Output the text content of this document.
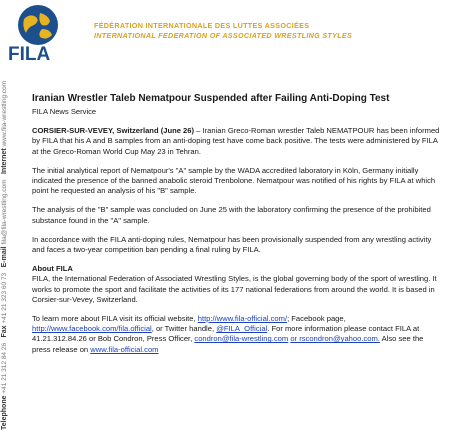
FILA
FÉDÉRATION INTERNATIONALE DES LUTTES ASSOCIÉES
INTERNATIONAL FEDERATION OF ASSOCIATED WRESTLING STYLES
Telephone +41 21 312 84 26   Fax +41 21 323 60 73   E-mail fila@fila-wrestling.com   Internet www.fila-wrestling.com	Iranian Wrestler Taleb Nematpour Suspended after Failing Anti-Doping Test
FILA News Service

CORSIER-SUR-VEVEY, Switzerland (June 26) – Iranian Greco-Roman wrestler Taleb NEMATPOUR has been informed by FILA that his A and B samples from an anti-doping test have come back positive. The tests were administered by FILA at the Greco-Roman World Cup May 23 in Tehran.

The initial analytical report of Nematpour's "A" sample by the WADA accredited laboratory in Köln, Germany initially indicated the presence of the banned anabolic steroid Trenbolone. Nematpour was notified of his rights by FILA at which point he requested an analysis of his "B" sample.

The analysis of the "B" sample was concluded on June 25 with the laboratory confirming the presence of the prohibited substance found in the "A" sample.

In accordance with the FILA anti-doping rules, Nematpour has been provisionally suspended from any wrestling activity and faces a two-year competition ban pending a final ruling by FILA.

About FILA

FILA, the International Federation of Associated Wrestling Styles, is the global governing body of the sport of wrestling. It works to promote the sport and facilitate the activities of its 177 national federations from around the world. It is based in Corsier-sur-Vevey, Switzerland.

To learn more about FILA visit its official website, http://www.fila-official.com/; Facebook page, http://www.facebook.com/fila.official, or Twitter handle, @FILA_Official. For more information please contact FILA at 41.21.312.84.26 or Bob Condron, Press Officer, condron@fila-wrestling.com or rscondron@yahoo.com. Also see the press release on www.fila-official.com
